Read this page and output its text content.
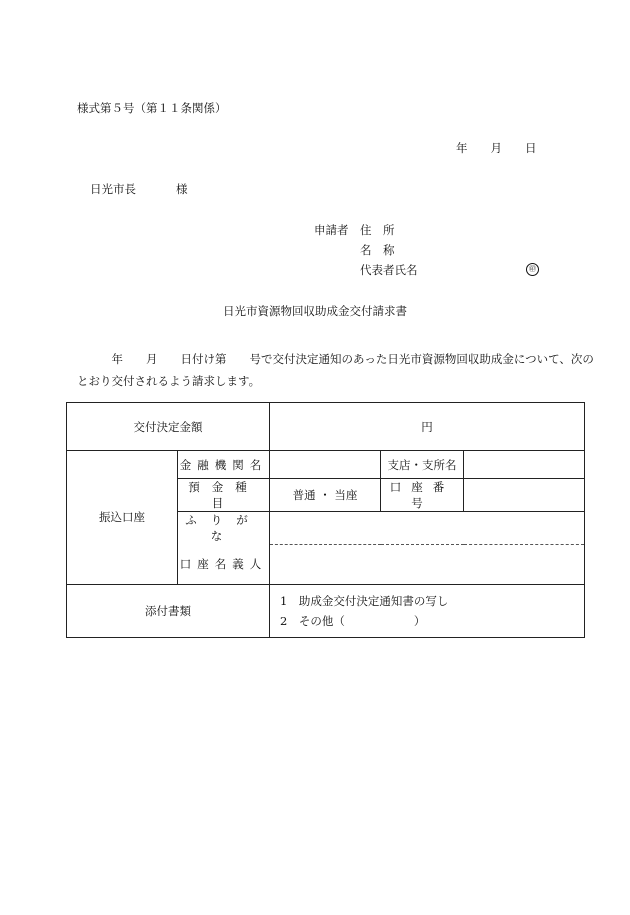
様式第５号（第１１条関係）
年 月 日
日光市長	様
申請者 住　所
名　称
代表者氏名	㊞
日光市資源物回収助成金交付請求書
　　　年　　月　　日付け第　　号で交付決定通知のあった日光市資源物回収助成金について、次のとおり交付されるよう請求します。
交付決定金額		円		
振込口座	金融機関名		支店・支所名	
	預金種目	普通 ・ 当座	口座番号	
	ふりがな			
	口座名義人			
添付書類		1　助成金交付決定通知書の写し
2　その他（　　　　　　）		
